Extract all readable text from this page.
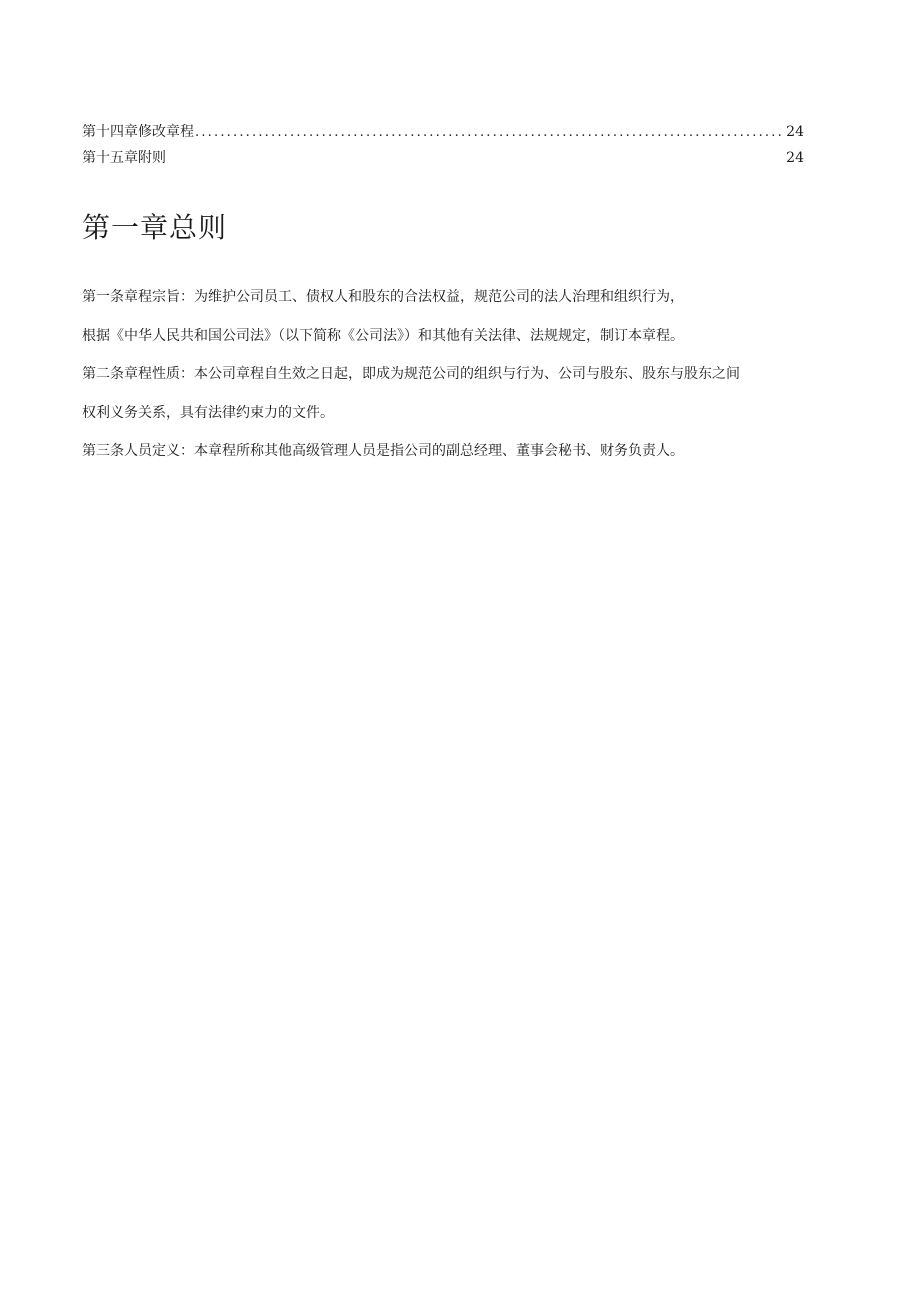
第十四章修改章程
.....	24
第十五章附则	24
第一章总则
第一条章程宗旨：为维护公司员工、债权人和股东的合法权益，规范公司的法人治理和组织行为，
根据《中华人民共和国公司法》（以下简称《公司法》）和其他有关法律、法规规定，制订本章程。
第二条章程性质：本公司章程自生效之日起，即成为规范公司的组织与行为、公司与股东、股东与股东之间
权利义务关系，具有法律约束力的文件。
第三条人员定义：本章程所称其他高级管理人员是指公司的副总经理、董事会秘书、财务负责人。
